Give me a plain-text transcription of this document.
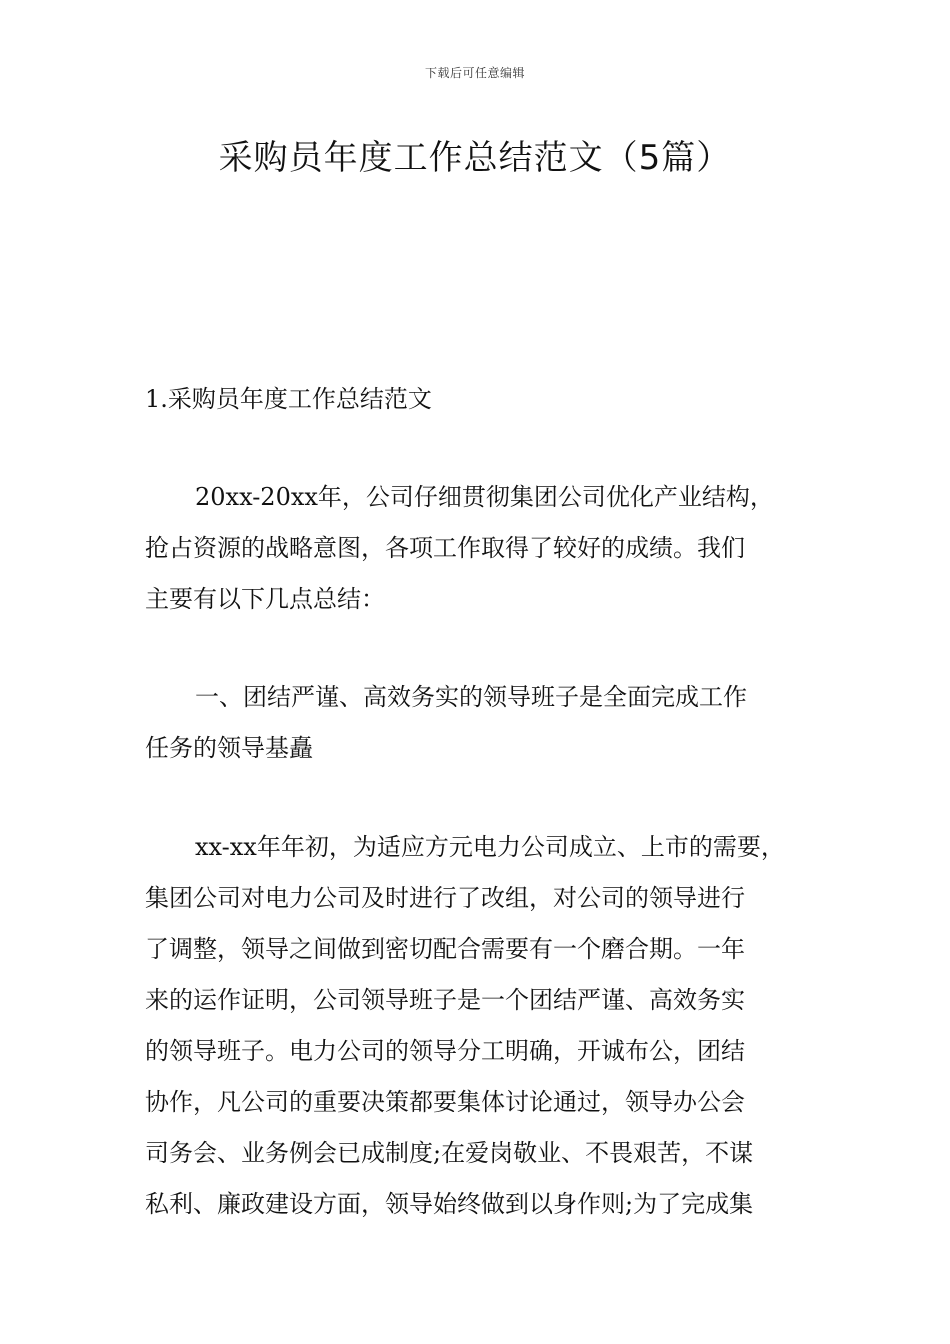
下载后可任意编辑
采购员年度工作总结范文（5篇）
1.采购员年度工作总结范文
20xx-20xx年，公司仔细贯彻集团公司优化产业结构，
抢占资源的战略意图，各项工作取得了较好的成绩。我们
主要有以下几点总结：
一、团结严谨、高效务实的领导班子是全面完成工作
任务的领导基矗
xx-xx年年初，为适应方元电力公司成立、上市的需要，
集团公司对电力公司及时进行了改组，对公司的领导进行
了调整，领导之间做到密切配合需要有一个磨合期。一年
来的运作证明，公司领导班子是一个团结严谨、高效务实
的领导班子。电力公司的领导分工明确，开诚布公，团结
协作，凡公司的重要决策都要集体讨论通过，领导办公会
司务会、业务例会已成制度;在爱岗敬业、不畏艰苦，不谋
私利、廉政建设方面，领导始终做到以身作则;为了完成集
